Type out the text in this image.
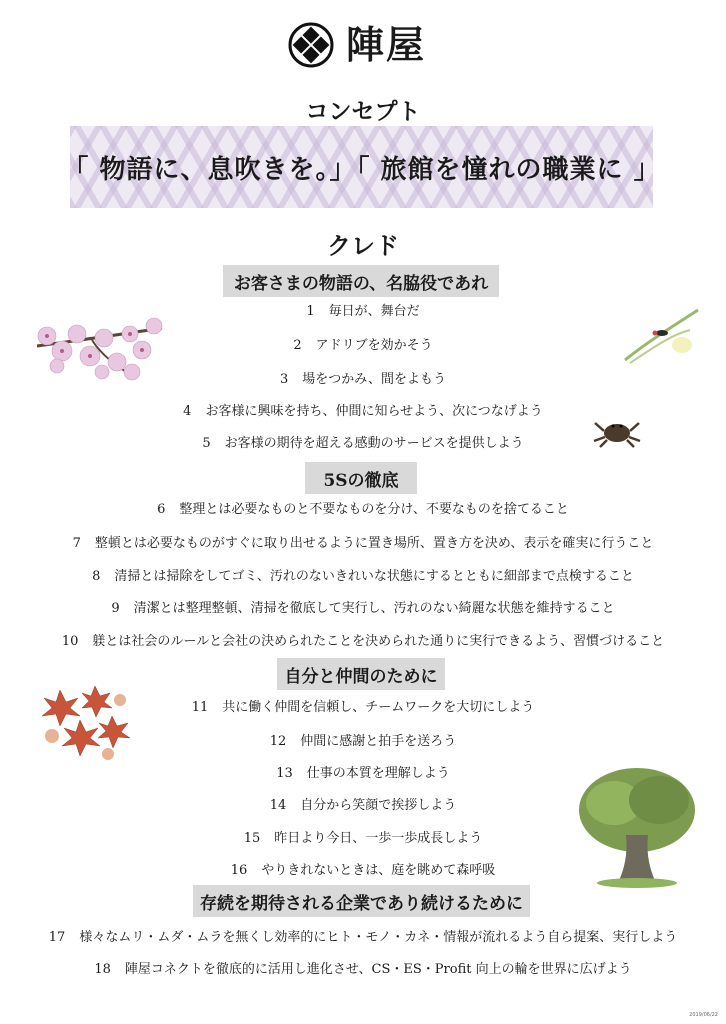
陣屋
コンセプト
「 物語に、息吹きを。」「 旅館を憧れの職業に 」
クレド
お客さまの物語の、名脇役であれ
1 毎日が、舞台だ
2 アドリブを効かそう
3 場をつかみ、間をよもう
4 お客様に興味を持ち、仲間に知らせよう、次につなげよう
5 お客様の期待を超える感動のサービスを提供しよう
5Sの徹底
6 整理とは必要なものと不要なものを分け、不要なものを捨てること
7 整頓とは必要なものがすぐに取り出せるように置き場所、置き方を決め、表示を確実に行うこと
8 清掃とは掃除をしてゴミ、汚れのないきれいな状態にするとともに細部まで点検すること
9 清潔とは整理整頓、清掃を徹底して実行し、汚れのない綺麗な状態を維持すること
10 躾とは社会のルールと会社の決められたことを決められた通りに実行できるよう、習慣づけること
自分と仲間のために
11 共に働く仲間を信頼し、チームワークを大切にしよう
12 仲間に感謝と拍手を送ろう
13 仕事の本質を理解しよう
14 自分から笑顔で挨拶しよう
15 昨日より今日、一歩一歩成長しよう
16 やりきれないときは、庭を眺めて森呼吸
存続を期待される企業であり続けるために
17 様々なムリ・ムダ・ムラを無くし効率的にヒト・モノ・カネ・情報が流れるよう自ら提案、実行しよう
18 陣屋コネクトを徹底的に活用し進化させ、CS・ES・Profit 向上の輪を世界に広げよう
2019/06/22
